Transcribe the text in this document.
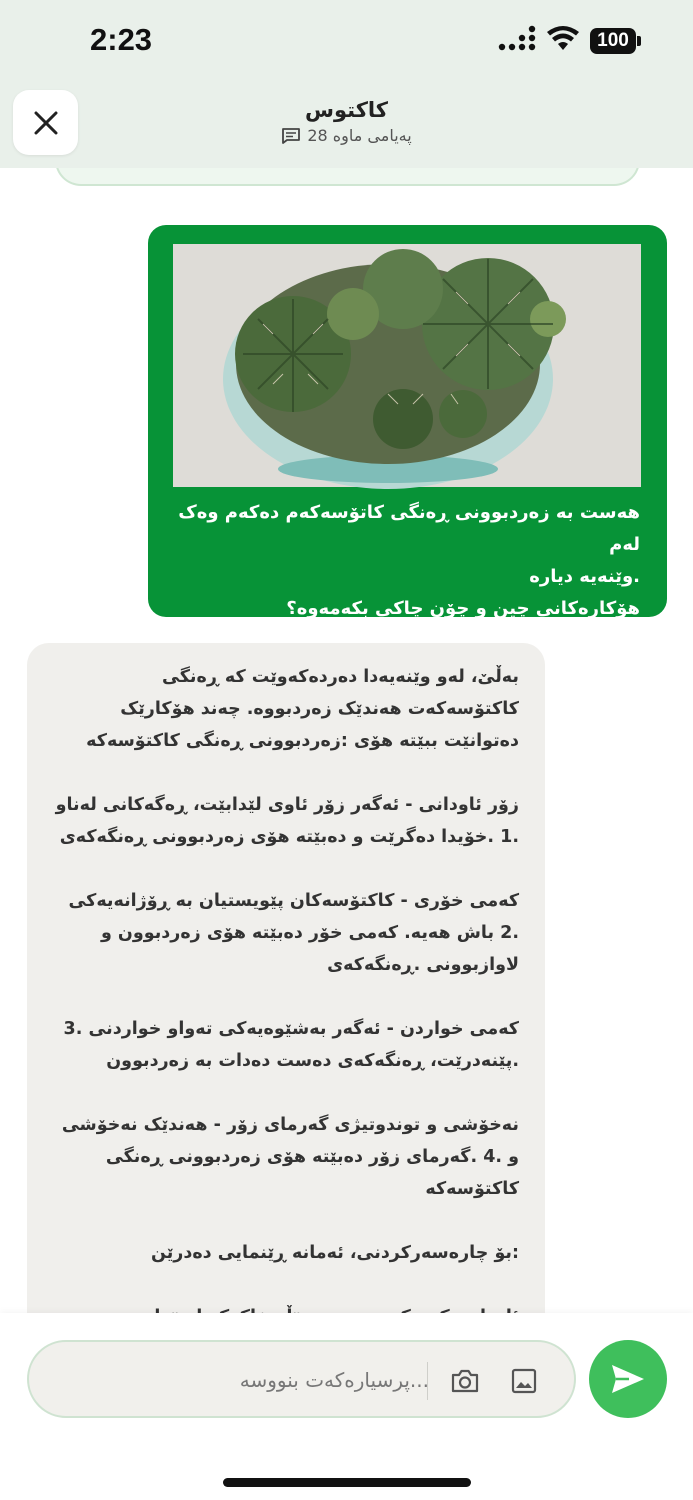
2:23	100
کاکتوس
پەیامی ماوە 28
هەست بە زەردبوونی ڕەنگی کاتۆسەکەم دەکەم وەک لەم
.وێنەیە دیارە
هۆکارەکانی چین و چۆن چاکی بکەمەوە؟

بەڵێ، لەو وێنەیەدا دەردەکەوێت کە ڕەنگی کاکتۆسەکەت هەندێک زەردبووە. چەند هۆکارێک دەتوانێت ببێتە هۆی :زەردبوونی ڕەنگی کاکتۆسەکە

زۆر ئاودانی - ئەگەر زۆر ئاوی لێدابێت، ڕەگەکانی لەناو .1 .خۆیدا دەگرێت و دەبێتە هۆی زەردبوونی ڕەنگەکەی

کەمی خۆری - کاکتۆسەکان پێویستیان بە ڕۆژانەیەکی .2 باش هەیە. کەمی خۆر دەبێتە هۆی زەردبوون و لاوازبوونی .ڕەنگەکەی

کەمی خواردن - ئەگەر بەشێوەیەکی تەواو خواردنی .3 .پێنەدرێت، ڕەنگەکەی دەست دەدات بە زەردبوون

نەخۆشی و توندوتیژی گەرمای زۆر - هەندێک نەخۆشی و .4 .گەرمای زۆر دەبێتە هۆی زەردبوونی ڕەنگی کاکتۆسەکە

:بۆ چارەسەرکردنی، ئەمانە ڕێنمایی دەدرێن

...پرسیارەکەت بنووسە
